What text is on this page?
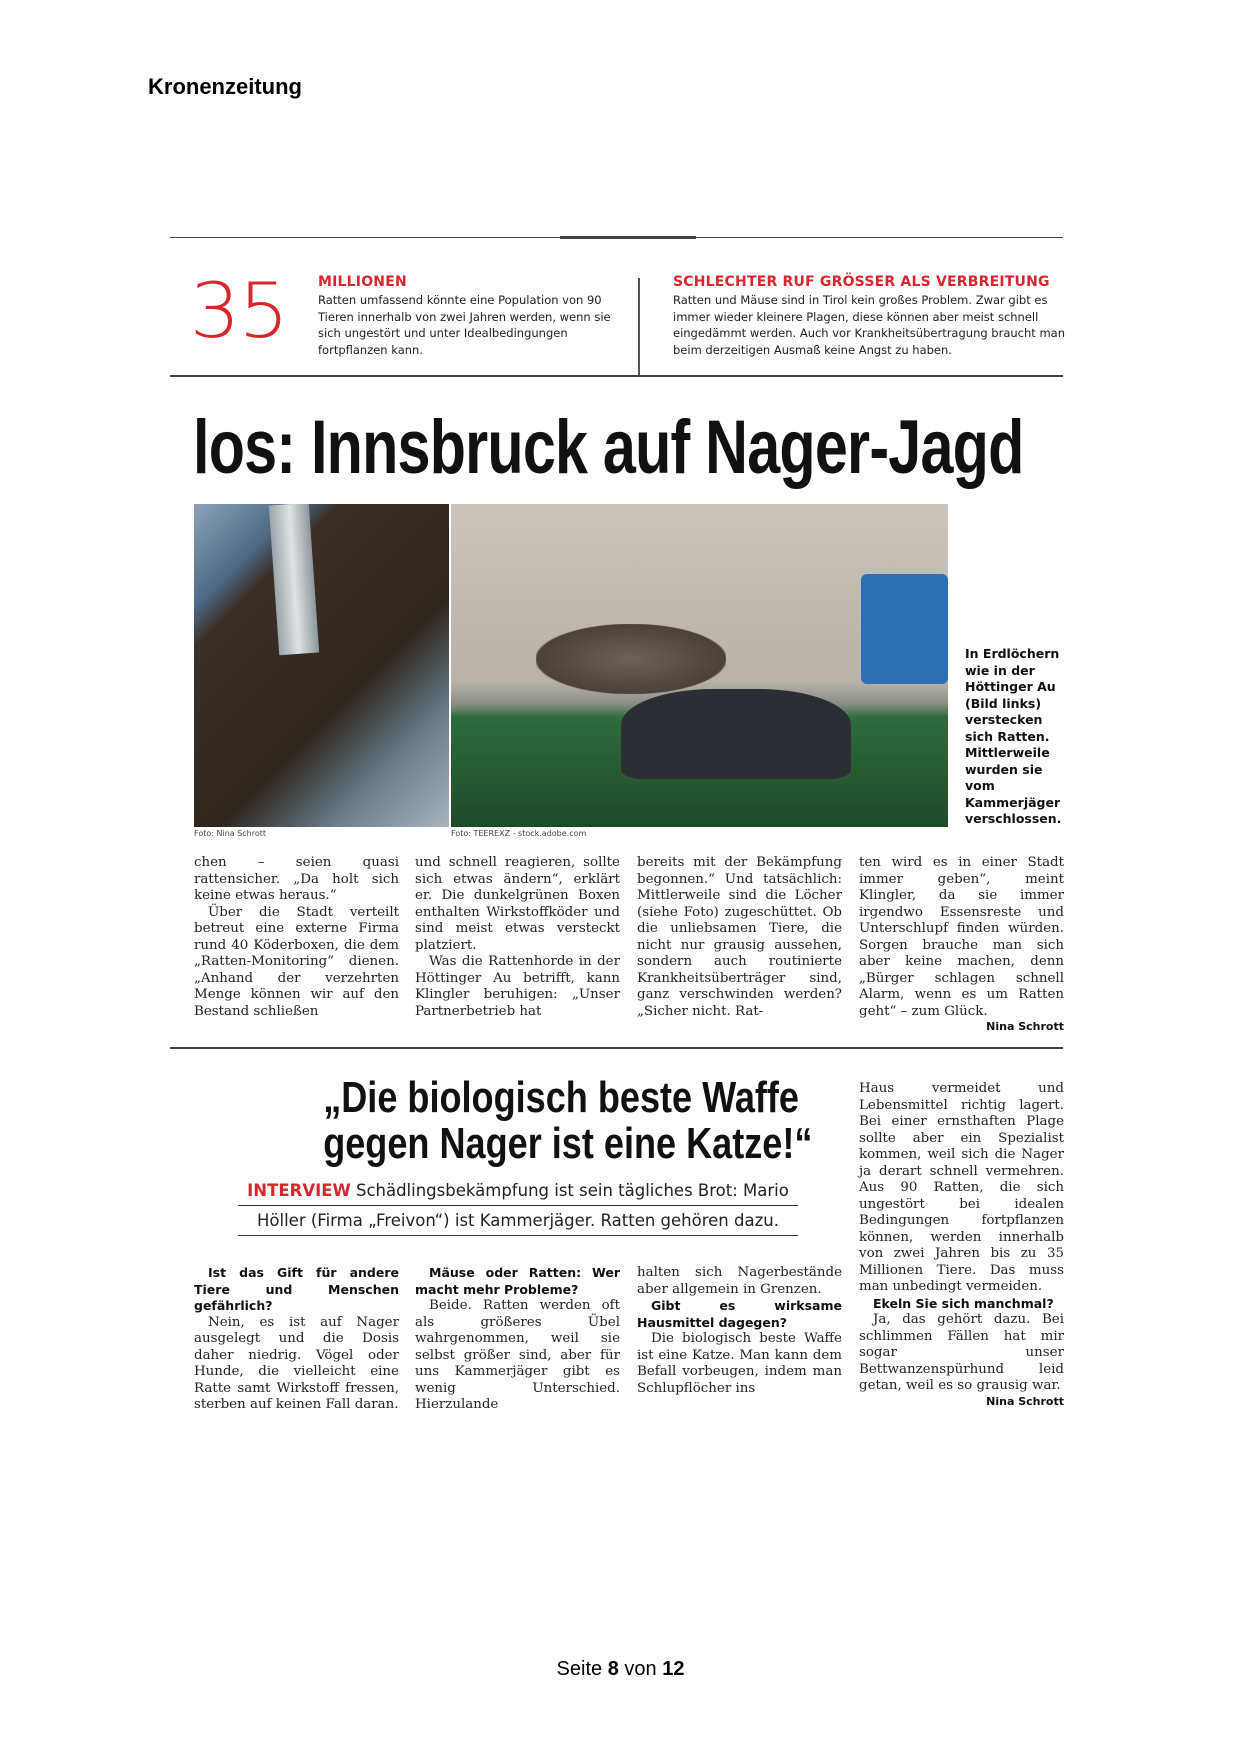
Kronenzeitung
35 MILLIONEN
Ratten umfassend könnte eine Population von 90 Tieren innerhalb von zwei Jahren werden, wenn sie sich ungestört und unter Idealbedingungen fortpflanzen kann.
SCHLECHTER RUF GRÖSSER ALS VERBREITUNG
Ratten und Mäuse sind in Tirol kein großes Problem. Zwar gibt es immer wieder kleinere Plagen, diese können aber meist schnell eingedämmt werden. Auch vor Krankheitsübertragung braucht man beim derzeitigen Ausmaß keine Angst zu haben.
los: Innsbruck auf Nager-Jagd
Foto: Nina Schrott	Foto: TEEREXZ - stock.adobe.com
In Erdlöchern wie in der Höttinger Au (Bild links) verstecken sich Ratten. Mittlerweile wurden sie vom Kammerjäger verschlossen.

chen – seien quasi rattensicher. „Da holt sich keine etwas heraus.“

Über die Stadt verteilt betreut eine externe Firma rund 40 Köderboxen, die dem „Ratten-Monitoring“ dienen. „Anhand der verzehrten Menge können wir auf den Bestand schließen

und schnell reagieren, sollte sich etwas ändern“, erklärt er. Die dunkelgrünen Boxen enthalten Wirkstoffköder und sind meist etwas versteckt platziert.

Was die Rattenhorde in der Höttinger Au betrifft, kann Klingler beruhigen: „Unser Partnerbetrieb hat

bereits mit der Bekämpfung begonnen.“ Und tatsächlich: Mittlerweile sind die Löcher (siehe Foto) zugeschüttet. Ob die unliebsamen Tiere, die nicht nur grausig aussehen, sondern auch routinierte Krankheitsüberträger sind, ganz verschwinden werden? „Sicher nicht. Rat-

ten wird es in einer Stadt immer geben“, meint Klingler, da sie immer irgendwo Essensreste und Unterschlupf finden würden. Sorgen brauche man sich aber keine machen, denn „Bürger schlagen schnell Alarm, wenn es um Ratten geht“ – zum Glück.

Nina Schrott
„Die biologisch beste Waffe
gegen Nager ist eine Katze!“
INTERVIEW Schädlingsbekämpfung ist sein tägliches Brot: Mario
Höller (Firma „Freivon“) ist Kammerjäger. Ratten gehören dazu.

Ist das Gift für andere Tiere und Menschen gefährlich?

Nein, es ist auf Nager ausgelegt und die Dosis daher niedrig. Vögel oder Hunde, die vielleicht eine Ratte samt Wirkstoff fressen, sterben auf keinen Fall daran.

Mäuse oder Ratten: Wer macht mehr Probleme?

Beide. Ratten werden oft als größeres Übel wahrgenommen, weil sie selbst größer sind, aber für uns Kammerjäger gibt es wenig Unterschied. Hierzulande

halten sich Nagerbestände aber allgemein in Grenzen.

Gibt es wirksame Hausmittel dagegen?

Die biologisch beste Waffe ist eine Katze. Man kann dem Befall vorbeugen, indem man Schlupflöcher ins

Haus vermeidet und Lebensmittel richtig lagert. Bei einer ernsthaften Plage sollte aber ein Spezialist kommen, weil sich die Nager ja derart schnell vermehren. Aus 90 Ratten, die sich ungestört bei idealen Bedingungen fortpflanzen können, werden innerhalb von zwei Jahren bis zu 35 Millionen Tiere. Das muss man unbedingt vermeiden.

Ekeln Sie sich manchmal?

Ja, das gehört dazu. Bei schlimmen Fällen hat mir sogar unser Bettwanzenspürhund leid getan, weil es so grausig war.

Nina Schrott
Seite 8 von 12
